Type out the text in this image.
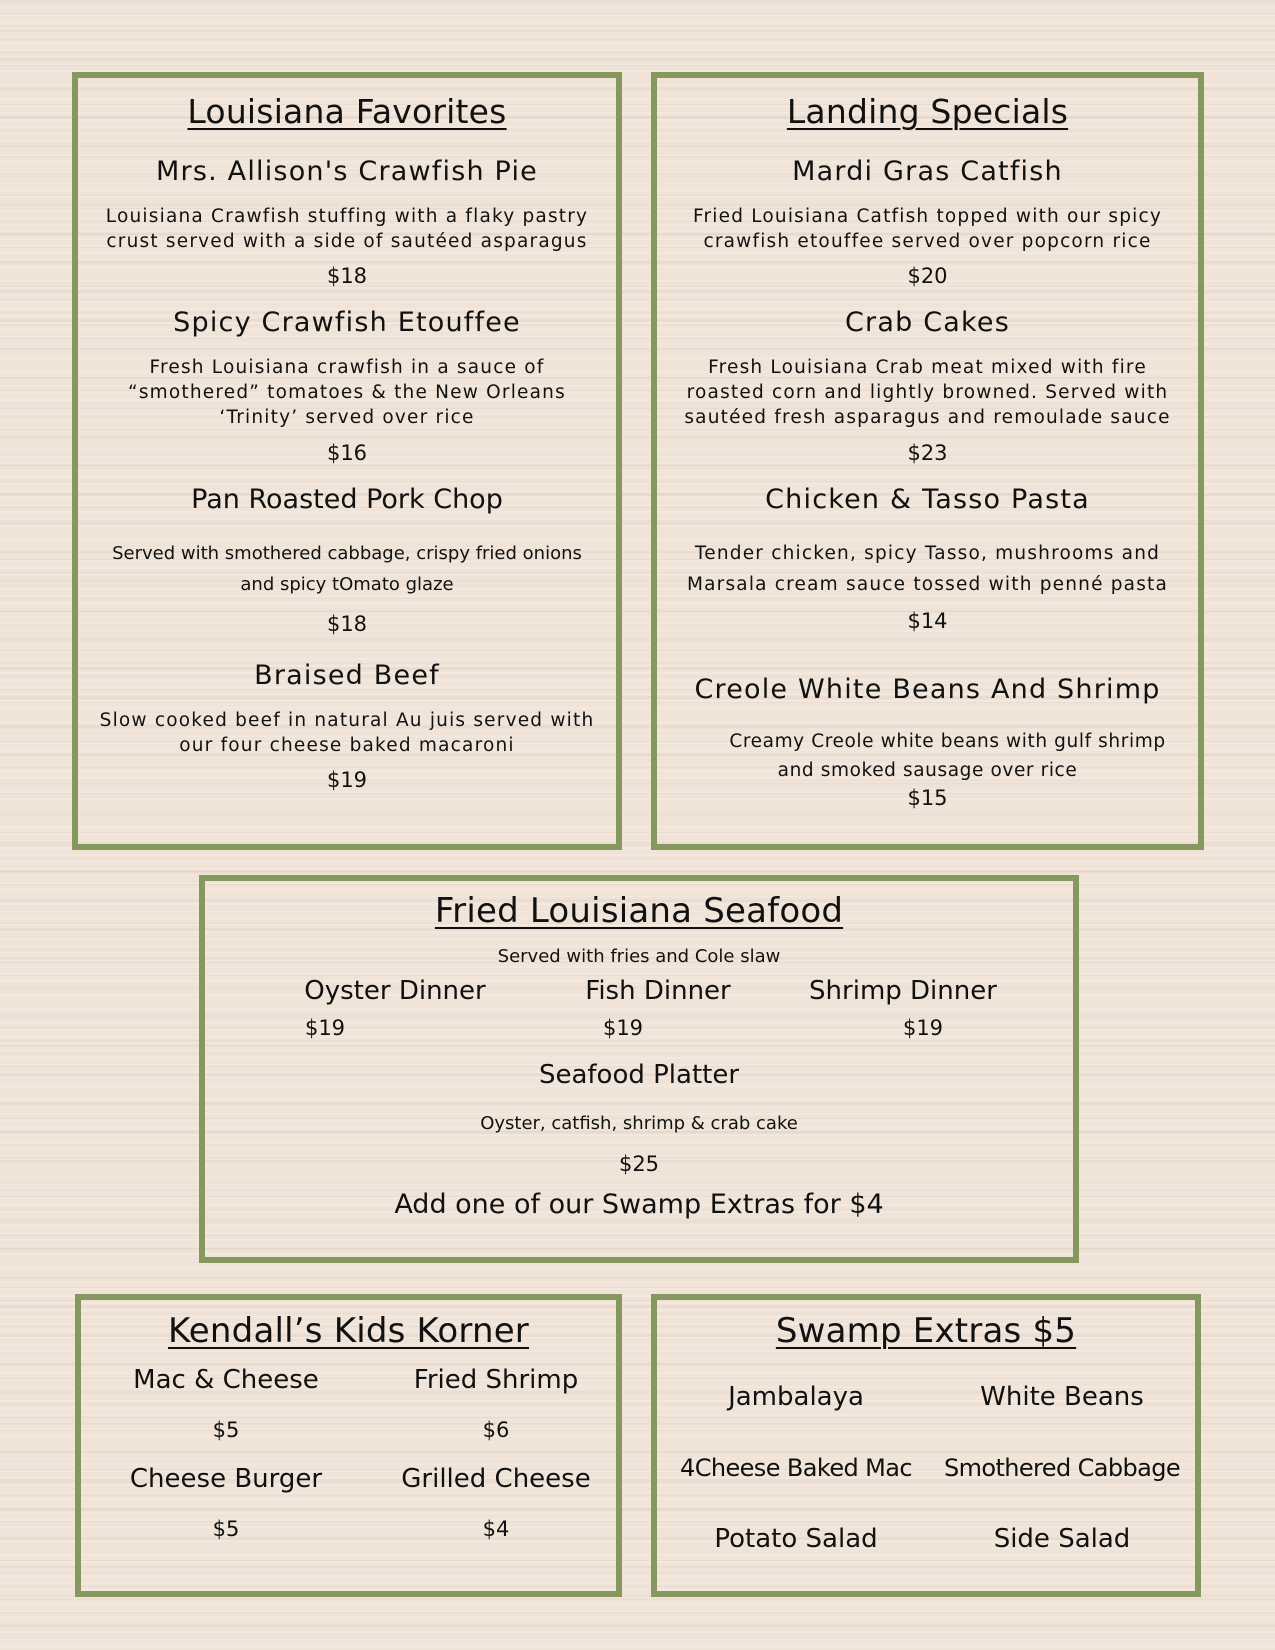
Louisiana Favorites
Mrs. Allison's Crawfish Pie
Louisiana Crawfish stuffing with a flaky pastry
crust served with a side of sautéed asparagus
$18
Spicy Crawfish Etouffee
Fresh Louisiana crawfish in a sauce of
“smothered” tomatoes & the New Orleans
‘Trinity’ served over rice
$16
Pan Roasted Pork Chop
Served with smothered cabbage, crispy fried onions
and spicy tOmato glaze
$18
Braised Beef
Slow cooked beef in natural Au juis served with
our four cheese baked macaroni
$19
Landing Specials
Mardi Gras Catfish
Fried Louisiana Catfish topped with our spicy
crawfish etouffee served over popcorn rice
$20
Crab Cakes
Fresh Louisiana Crab meat mixed with fire
roasted corn and lightly browned. Served with
sautéed fresh asparagus and remoulade sauce
$23
Chicken & Tasso Pasta
Tender chicken, spicy Tasso, mushrooms and
Marsala cream sauce tossed with penné pasta
$14
Creole White Beans And Shrimp
Creamy Creole white beans with gulf shrimp
and smoked sausage over rice
$15
Fried Louisiana Seafood
Served with fries and Cole slaw
Oyster Dinner
$19
Fish Dinner
$19
Shrimp Dinner
$19
Seafood Platter
Oyster, catfish, shrimp & crab cake
$25
Add one of our Swamp Extras for $4
Kendall’s Kids Korner
Mac & Cheese
$5
Fried Shrimp
$6
Cheese Burger
$5
Grilled Cheese
$4
Swamp Extras $5
Jambalaya	White Beans
4Cheese Baked Mac	Smothered Cabbage
Potato Salad	Side Salad
